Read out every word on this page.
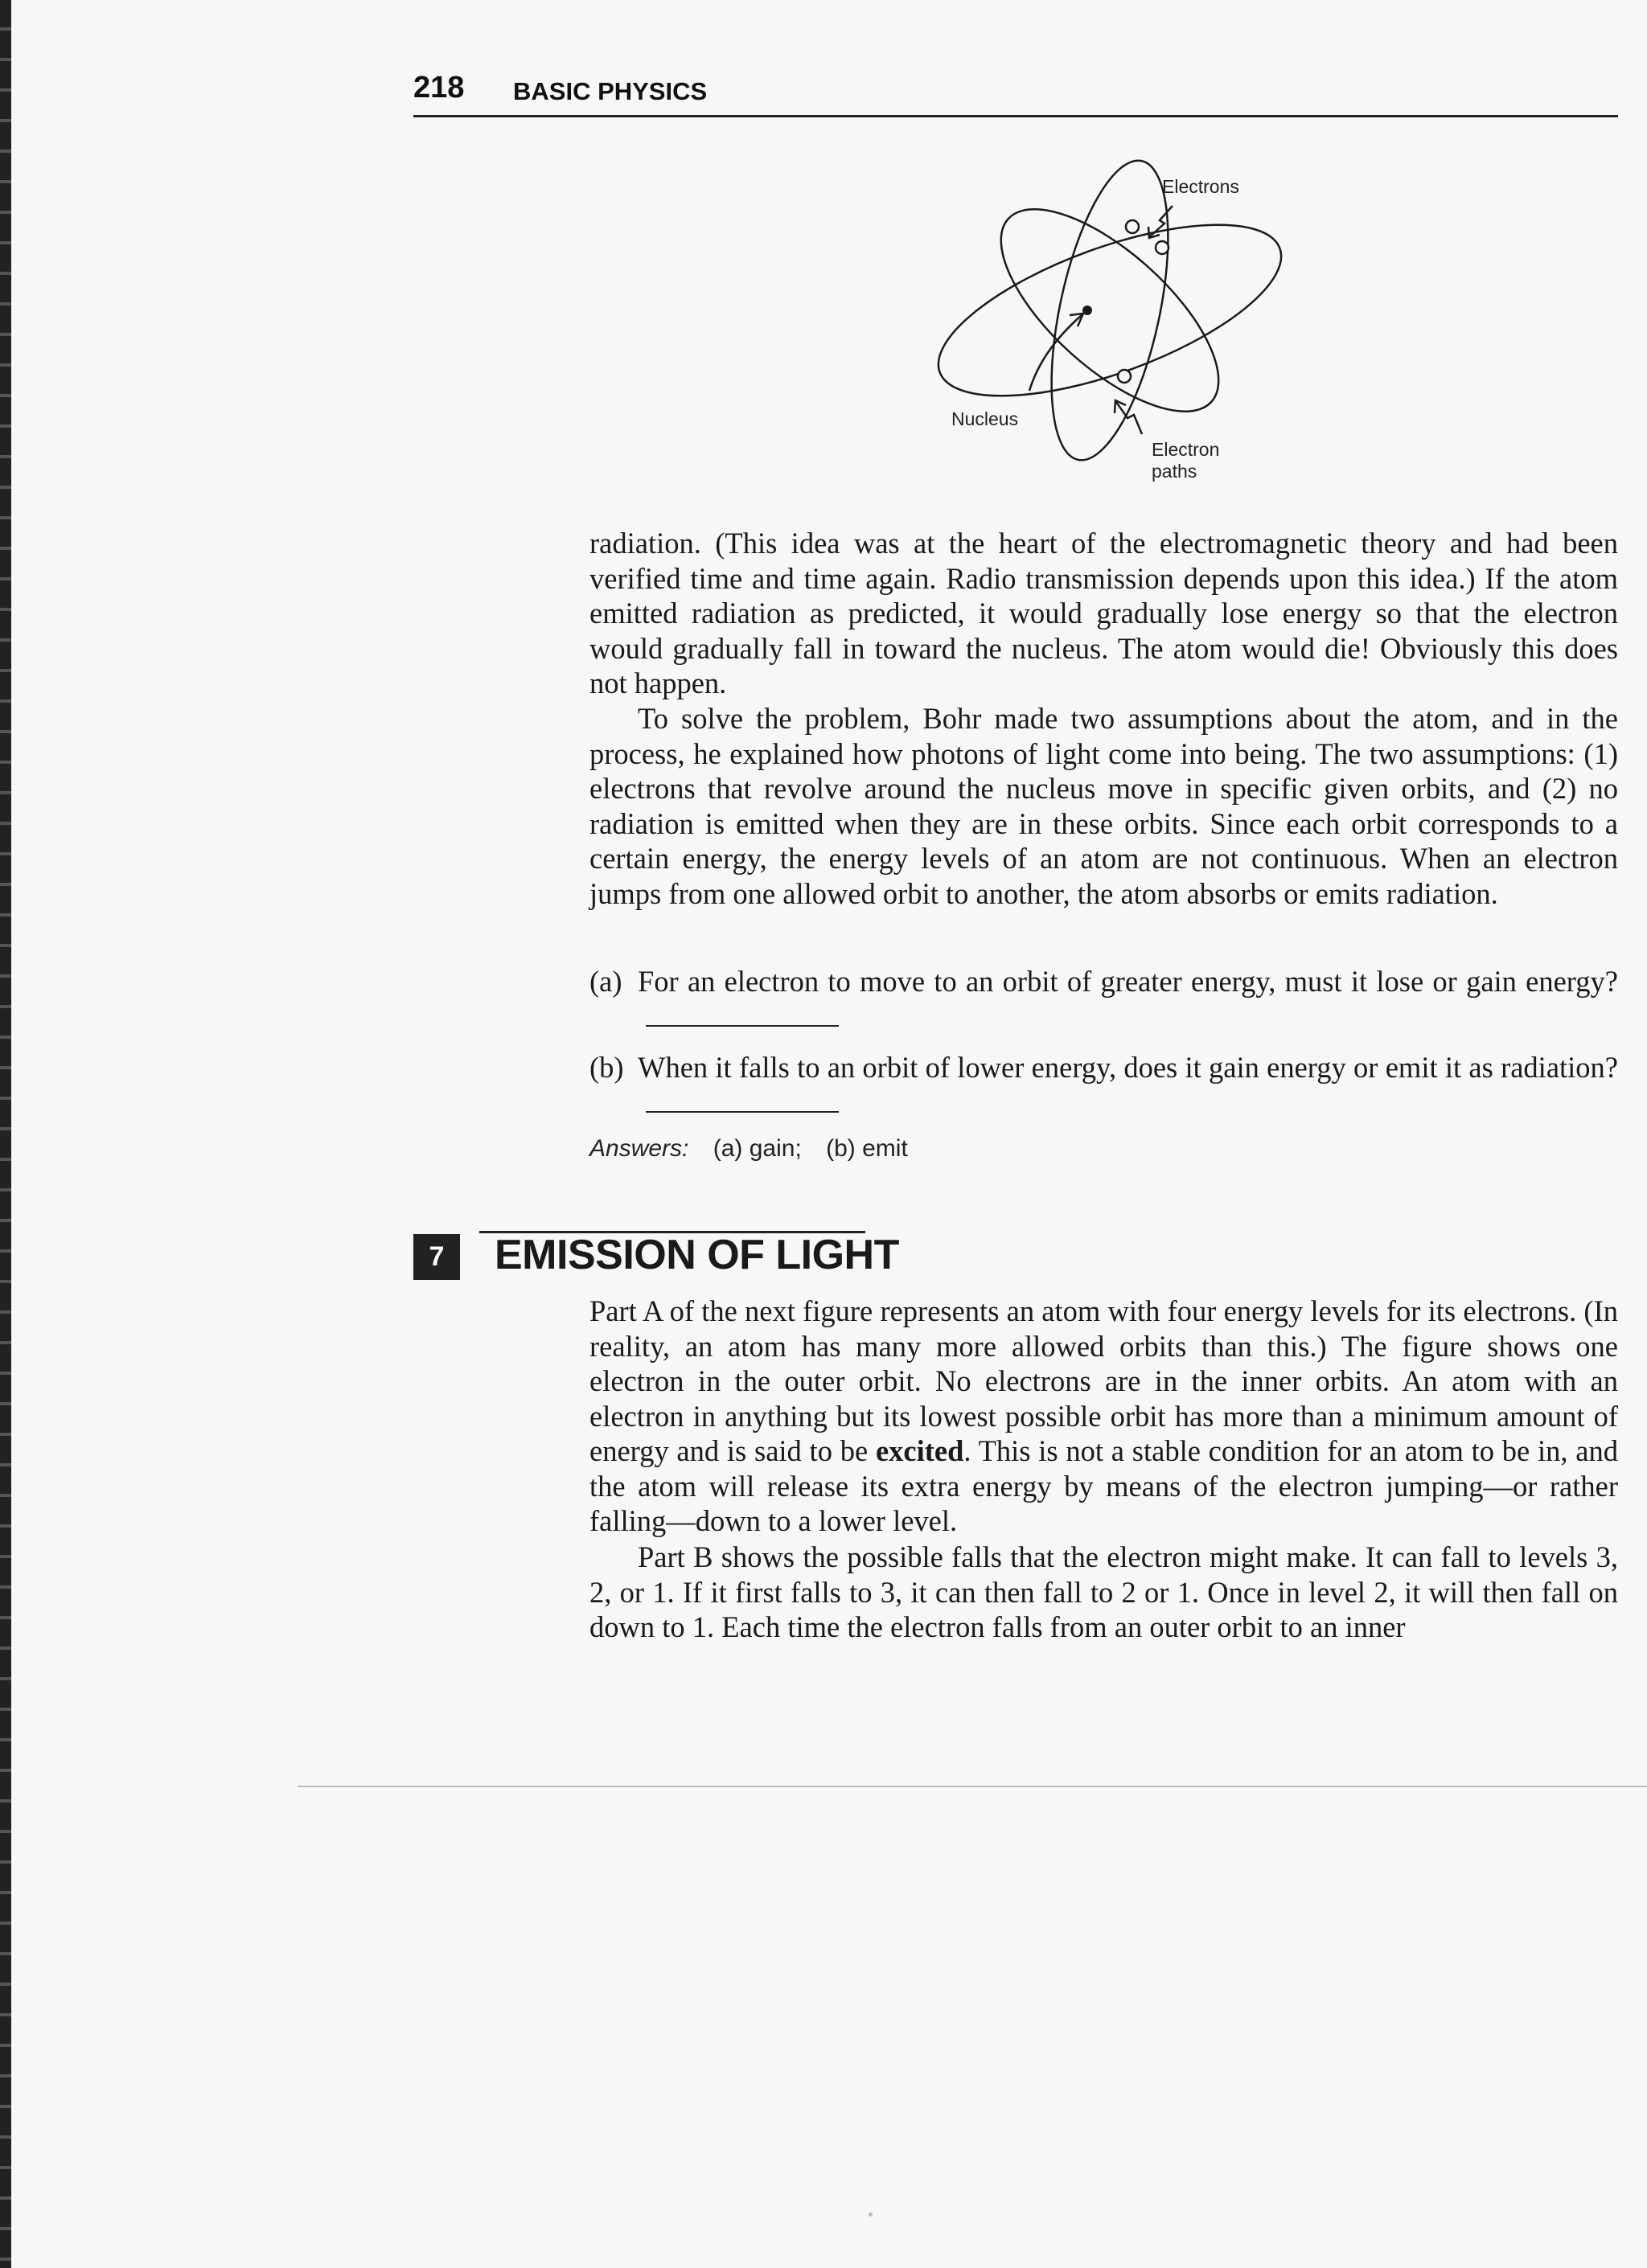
218 BASIC PHYSICS
Electrons
Nucleus
Electron
paths

radiation. (This idea was at the heart of the electromagnetic theory and had been verified time and time again. Radio transmission depends upon this idea.) If the atom emitted radiation as predicted, it would gradually lose energy so that the electron would gradually fall in toward the nucleus. The atom would die! Obviously this does not happen.

To solve the problem, Bohr made two assumptions about the atom, and in the process, he explained how photons of light come into being. The two assumptions: (1) electrons that revolve around the nucleus move in specific given orbits, and (2) no radiation is emitted when they are in these orbits. Since each orbit corresponds to a certain energy, the energy levels of an atom are not continuous. When an electron jumps from one allowed orbit to another, the atom absorbs or emits radiation.

(a) For an electron to move to an orbit of greater energy, must it lose or gain energy?
(b) When it falls to an orbit of lower energy, does it gain energy or emit it as radiation?
Answers: (a) gain; (b) emit
7	EMISSION OF LIGHT

Part A of the next figure represents an atom with four energy levels for its electrons. (In reality, an atom has many more allowed orbits than this.) The figure shows one electron in the outer orbit. No electrons are in the inner orbits. An atom with an electron in anything but its lowest possible orbit has more than a minimum amount of energy and is said to be excited. This is not a stable condition for an atom to be in, and the atom will release its extra energy by means of the electron jumping—or rather falling—down to a lower level.

Part B shows the possible falls that the electron might make. It can fall to levels 3, 2, or 1. If it first falls to 3, it can then fall to 2 or 1. Once in level 2, it will then fall on down to 1. Each time the electron falls from an outer orbit to an inner
